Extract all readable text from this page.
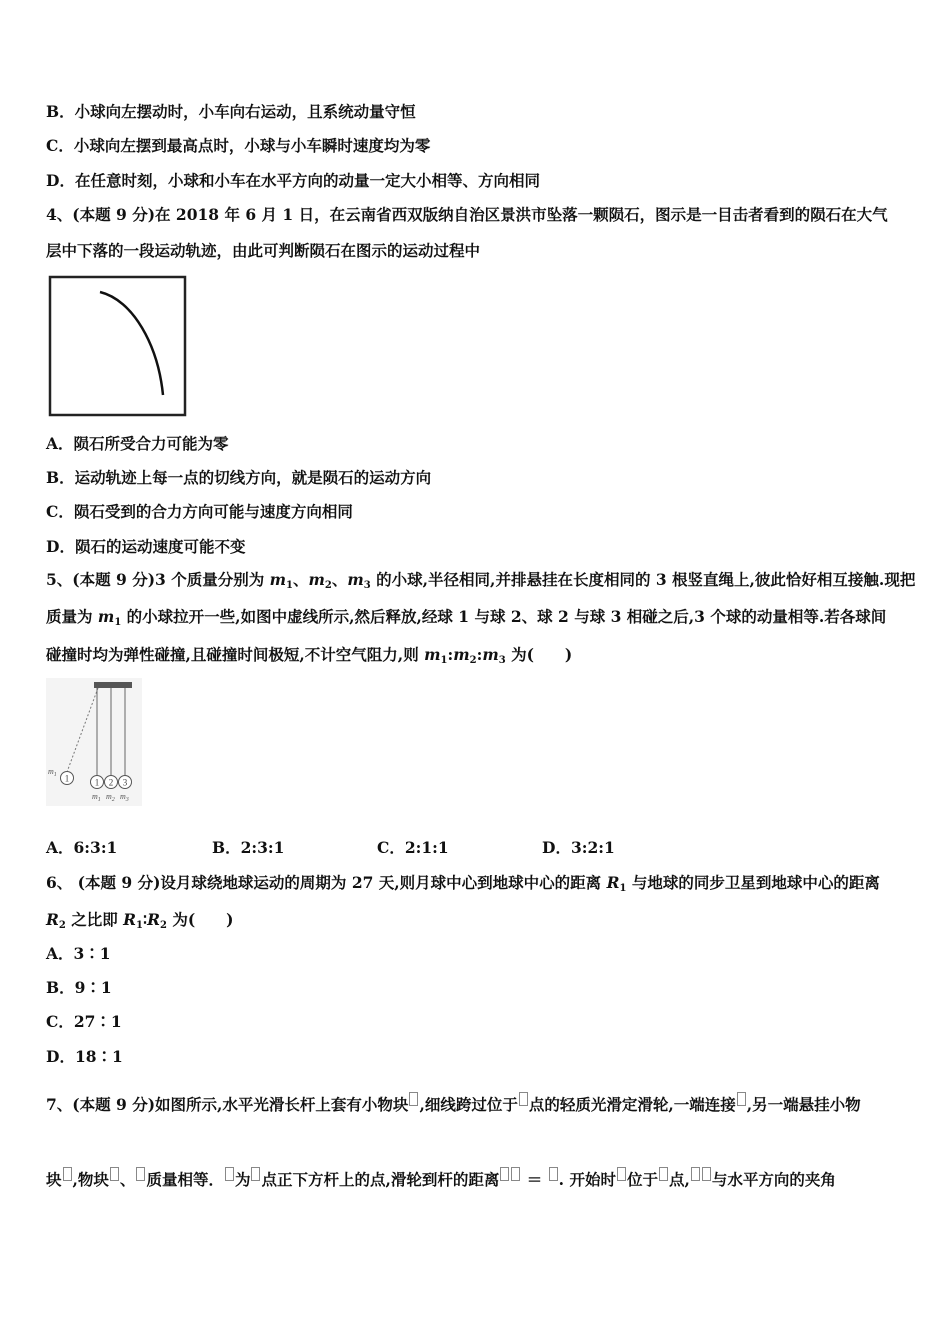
B．小球向左摆动时，小车向右运动，且系统动量守恒
C．小球向左摆到最高点时，小球与小车瞬时速度均为零
D．在任意时刻，小球和小车在水平方向的动量一定大小相等、方向相同
4、(本题 9 分)在 2018 年 6 月 1 日，在云南省西双版纳自治区景洪市坠落一颗陨石，图示是一目击者看到的陨石在大气
层中下落的一段运动轨迹，由此可判断陨石在图示的运动过程中
A．陨石所受合力可能为零
B．运动轨迹上每一点的切线方向，就是陨石的运动方向
C．陨石受到的合力方向可能与速度方向相同
D．陨石的运动速度可能不变
5、(本题 9 分)3 个质量分别为 $m_1$、$m_2$、$m_3$ 的小球,半径相同,并排悬挂在长度相同的 3 根竖直绳上,彼此恰好相互接触.现把
质量为 $m_1$ 的小球拉开一些,如图中虚线所示,然后释放,经球 1 与球 2、球 2 与球 3 相碰之后,3 个球的动量相等.若各球间
碰撞时均为弹性碰撞,且碰撞时间极短,不计空气阻力,则 $m_1:m_2:m_3$ 为(　　)
1	1 2 3
$m_1$
$m_1$ $m_2$ $m_3$
A．6:3:1	B．2:3:1	C．2:1:1	D．3:2:1
6、 (本题 9 分)设月球绕地球运动的周期为 27 天,则月球中心到地球中心的距离 $R_1$ 与地球的同步卫星到地球中心的距离
$R_2$ 之比即 $R_1∶R_2$ 为(　　)
A．3∶1
B．9∶1
C．27∶1
D．18∶1
7、(本题 9 分)如图所示,水平光滑长杆上套有小物块 ,细线跨过位于 点的轻质光滑定滑轮,一端连接 ,另一端悬挂小物
块 ,物块 、 质量相等． 为 点正下方杆上的点,滑轮到杆的距离 ＝ . 开始时 位于 点, 与水平方向的夹角
